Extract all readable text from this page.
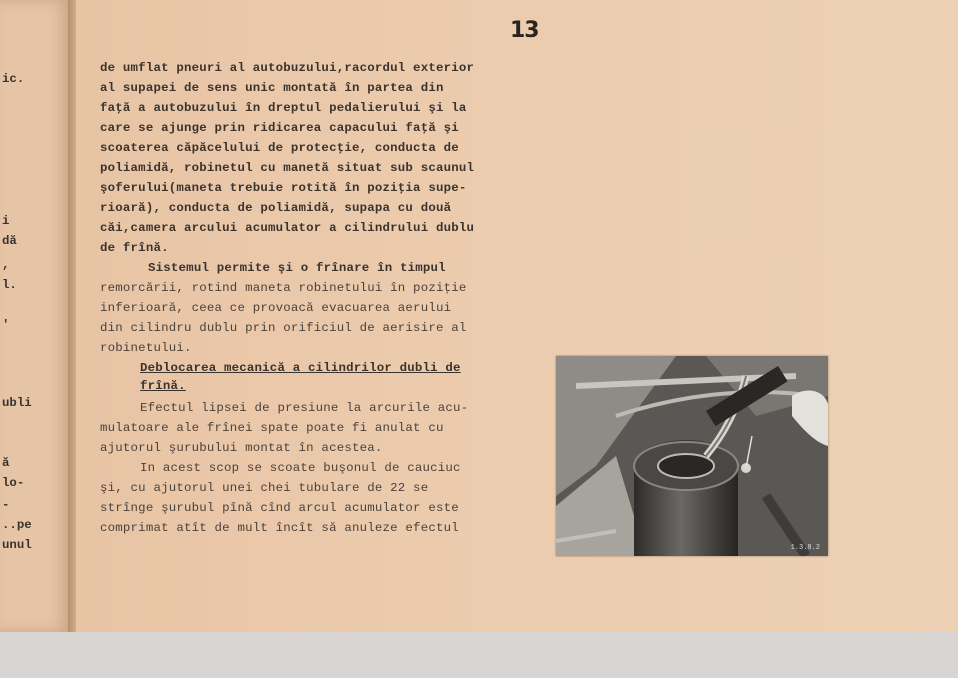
ic.
i
dă
,
l.
'
ubli
ă
lo-
-
..pe
unul
13
de umflat pneuri al autobuzului,racordul exterior
al supapei de sens unic montată în partea din
faţă a autobuzului în dreptul pedalierului şi la
care se ajunge prin ridicarea capacului faţă şi
scoaterea căpăcelului de protecţie, conducta de
poliamidă, robinetul cu manetă situat sub scaunul
şoferului(maneta trebuie rotită în poziţia supe-
rioară), conducta de poliamidă, supapa cu două
căi,camera arcului acumulator a cilindrului dublu
de frînă.
Sistemul permite şi o frînare în timpul
remorcării, rotind maneta robinetului în poziţie
inferioară, ceea ce provoacă evacuarea aerului
din cilindru dublu prin orificiul de aerisire al
robinetului.
Deblocarea mecanică a cilindrilor dubli de
frînă.
Efectul lipsei de presiune la arcurile acu-
mulatoare ale frînei spate poate fi anulat cu
ajutorul şurubului montat în acestea.
In acest scop se scoate buşonul de cauciuc
şi, cu ajutorul unei chei tubulare de 22 se
strînge şurubul pînă cînd arcul acumulator este
comprimat atît de mult încît să anuleze efectul
1.3.8.2
